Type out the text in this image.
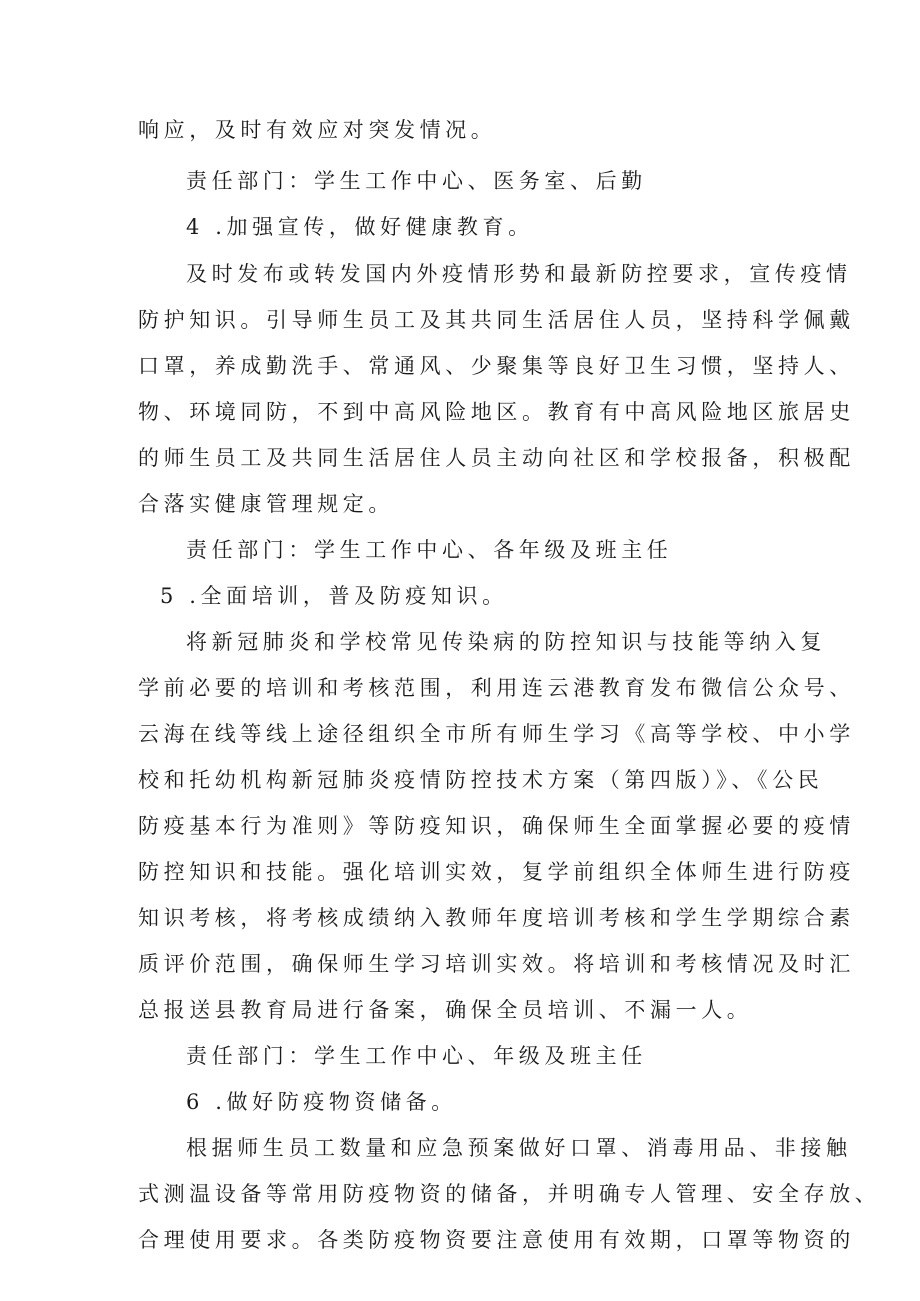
响应，及时有效应对突发情况。
责任部门：学生工作中心、医务室、后勤
4 .加强宣传，做好健康教育。
及时发布或转发国内外疫情形势和最新防控要求，宣传疫情
防护知识。引导师生员工及其共同生活居住人员，坚持科学佩戴
口罩，养成勤洗手、常通风、少聚集等良好卫生习惯，坚持人、
物、环境同防，不到中高风险地区。教育有中高风险地区旅居史
的师生员工及共同生活居住人员主动向社区和学校报备，积极配
合落实健康管理规定。
责任部门：学生工作中心、各年级及班主任
5 .全面培训，普及防疫知识。
将新冠肺炎和学校常见传染病的防控知识与技能等纳入复
学前必要的培训和考核范围，利用连云港教育发布微信公众号、
云海在线等线上途径组织全市所有师生学习《高等学校、中小学
校和托幼机构新冠肺炎疫情防控技术方案（第四版）》、《公民
防疫基本行为准则》等防疫知识，确保师生全面掌握必要的疫情
防控知识和技能。强化培训实效，复学前组织全体师生进行防疫
知识考核，将考核成绩纳入教师年度培训考核和学生学期综合素
质评价范围，确保师生学习培训实效。将培训和考核情况及时汇
总报送县教育局进行备案，确保全员培训、不漏一人。
责任部门：学生工作中心、年级及班主任
6 .做好防疫物资储备。
根据师生员工数量和应急预案做好口罩、消毒用品、非接触
式测温设备等常用防疫物资的储备，并明确专人管理、安全存放、
合理使用要求。各类防疫物资要注意使用有效期，口罩等物资的
